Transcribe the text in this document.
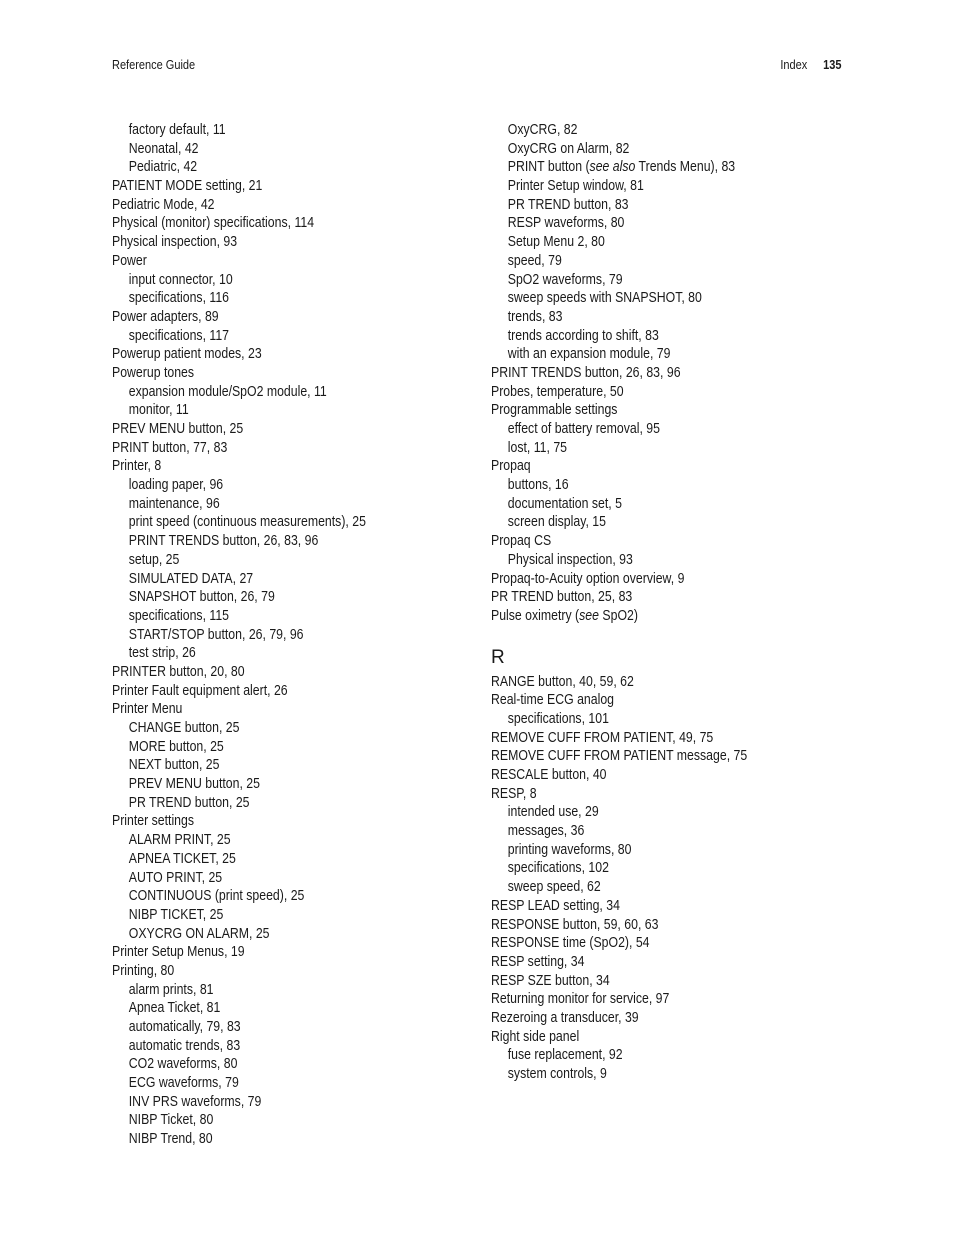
Reference Guide	Index 135
factory default, 11
Neonatal, 42
Pediatric, 42
PATIENT MODE setting, 21
Pediatric Mode, 42
Physical (monitor) specifications, 114
Physical inspection, 93
Power
input connector, 10
specifications, 116
Power adapters, 89
specifications, 117
Powerup patient modes, 23
Powerup tones
expansion module/SpO2 module, 11
monitor, 11
PREV MENU button, 25
PRINT button, 77, 83
Printer, 8
loading paper, 96
maintenance, 96
print speed (continuous measurements), 25
PRINT TRENDS button, 26, 83, 96
setup, 25
SIMULATED DATA, 27
SNAPSHOT button, 26, 79
specifications, 115
START/STOP button, 26, 79, 96
test strip, 26
PRINTER button, 20, 80
Printer Fault equipment alert, 26
Printer Menu
CHANGE button, 25
MORE button, 25
NEXT button, 25
PREV MENU button, 25
PR TREND button, 25
Printer settings
ALARM PRINT, 25
APNEA TICKET, 25
AUTO PRINT, 25
CONTINUOUS (print speed), 25
NIBP TICKET, 25
OXYCRG ON ALARM, 25
Printer Setup Menus, 19
Printing, 80
alarm prints, 81
Apnea Ticket, 81
automatically, 79, 83
automatic trends, 83
CO2 waveforms, 80
ECG waveforms, 79
INV PRS waveforms, 79
NIBP Ticket, 80
NIBP Trend, 80
OxyCRG, 82
OxyCRG on Alarm, 82
PRINT button (see also Trends Menu), 83
Printer Setup window, 81
PR TREND button, 83
RESP waveforms, 80
Setup Menu 2, 80
speed, 79
SpO2 waveforms, 79
sweep speeds with SNAPSHOT, 80
trends, 83
trends according to shift, 83
with an expansion module, 79
PRINT TRENDS button, 26, 83, 96
Probes, temperature, 50
Programmable settings
effect of battery removal, 95
lost, 11, 75
Propaq
buttons, 16
documentation set, 5
screen display, 15
Propaq CS
Physical inspection, 93
Propaq-to-Acuity option overview, 9
PR TREND button, 25, 83
Pulse oximetry (see SpO2)
R
RANGE button, 40, 59, 62
Real-time ECG analog
specifications, 101
REMOVE CUFF FROM PATIENT, 49, 75
REMOVE CUFF FROM PATIENT message, 75
RESCALE button, 40
RESP, 8
intended use, 29
messages, 36
printing waveforms, 80
specifications, 102
sweep speed, 62
RESP LEAD setting, 34
RESPONSE button, 59, 60, 63
RESPONSE time (SpO2), 54
RESP setting, 34
RESP SZE button, 34
Returning monitor for service, 97
Rezeroing a transducer, 39
Right side panel
fuse replacement, 92
system controls, 9
